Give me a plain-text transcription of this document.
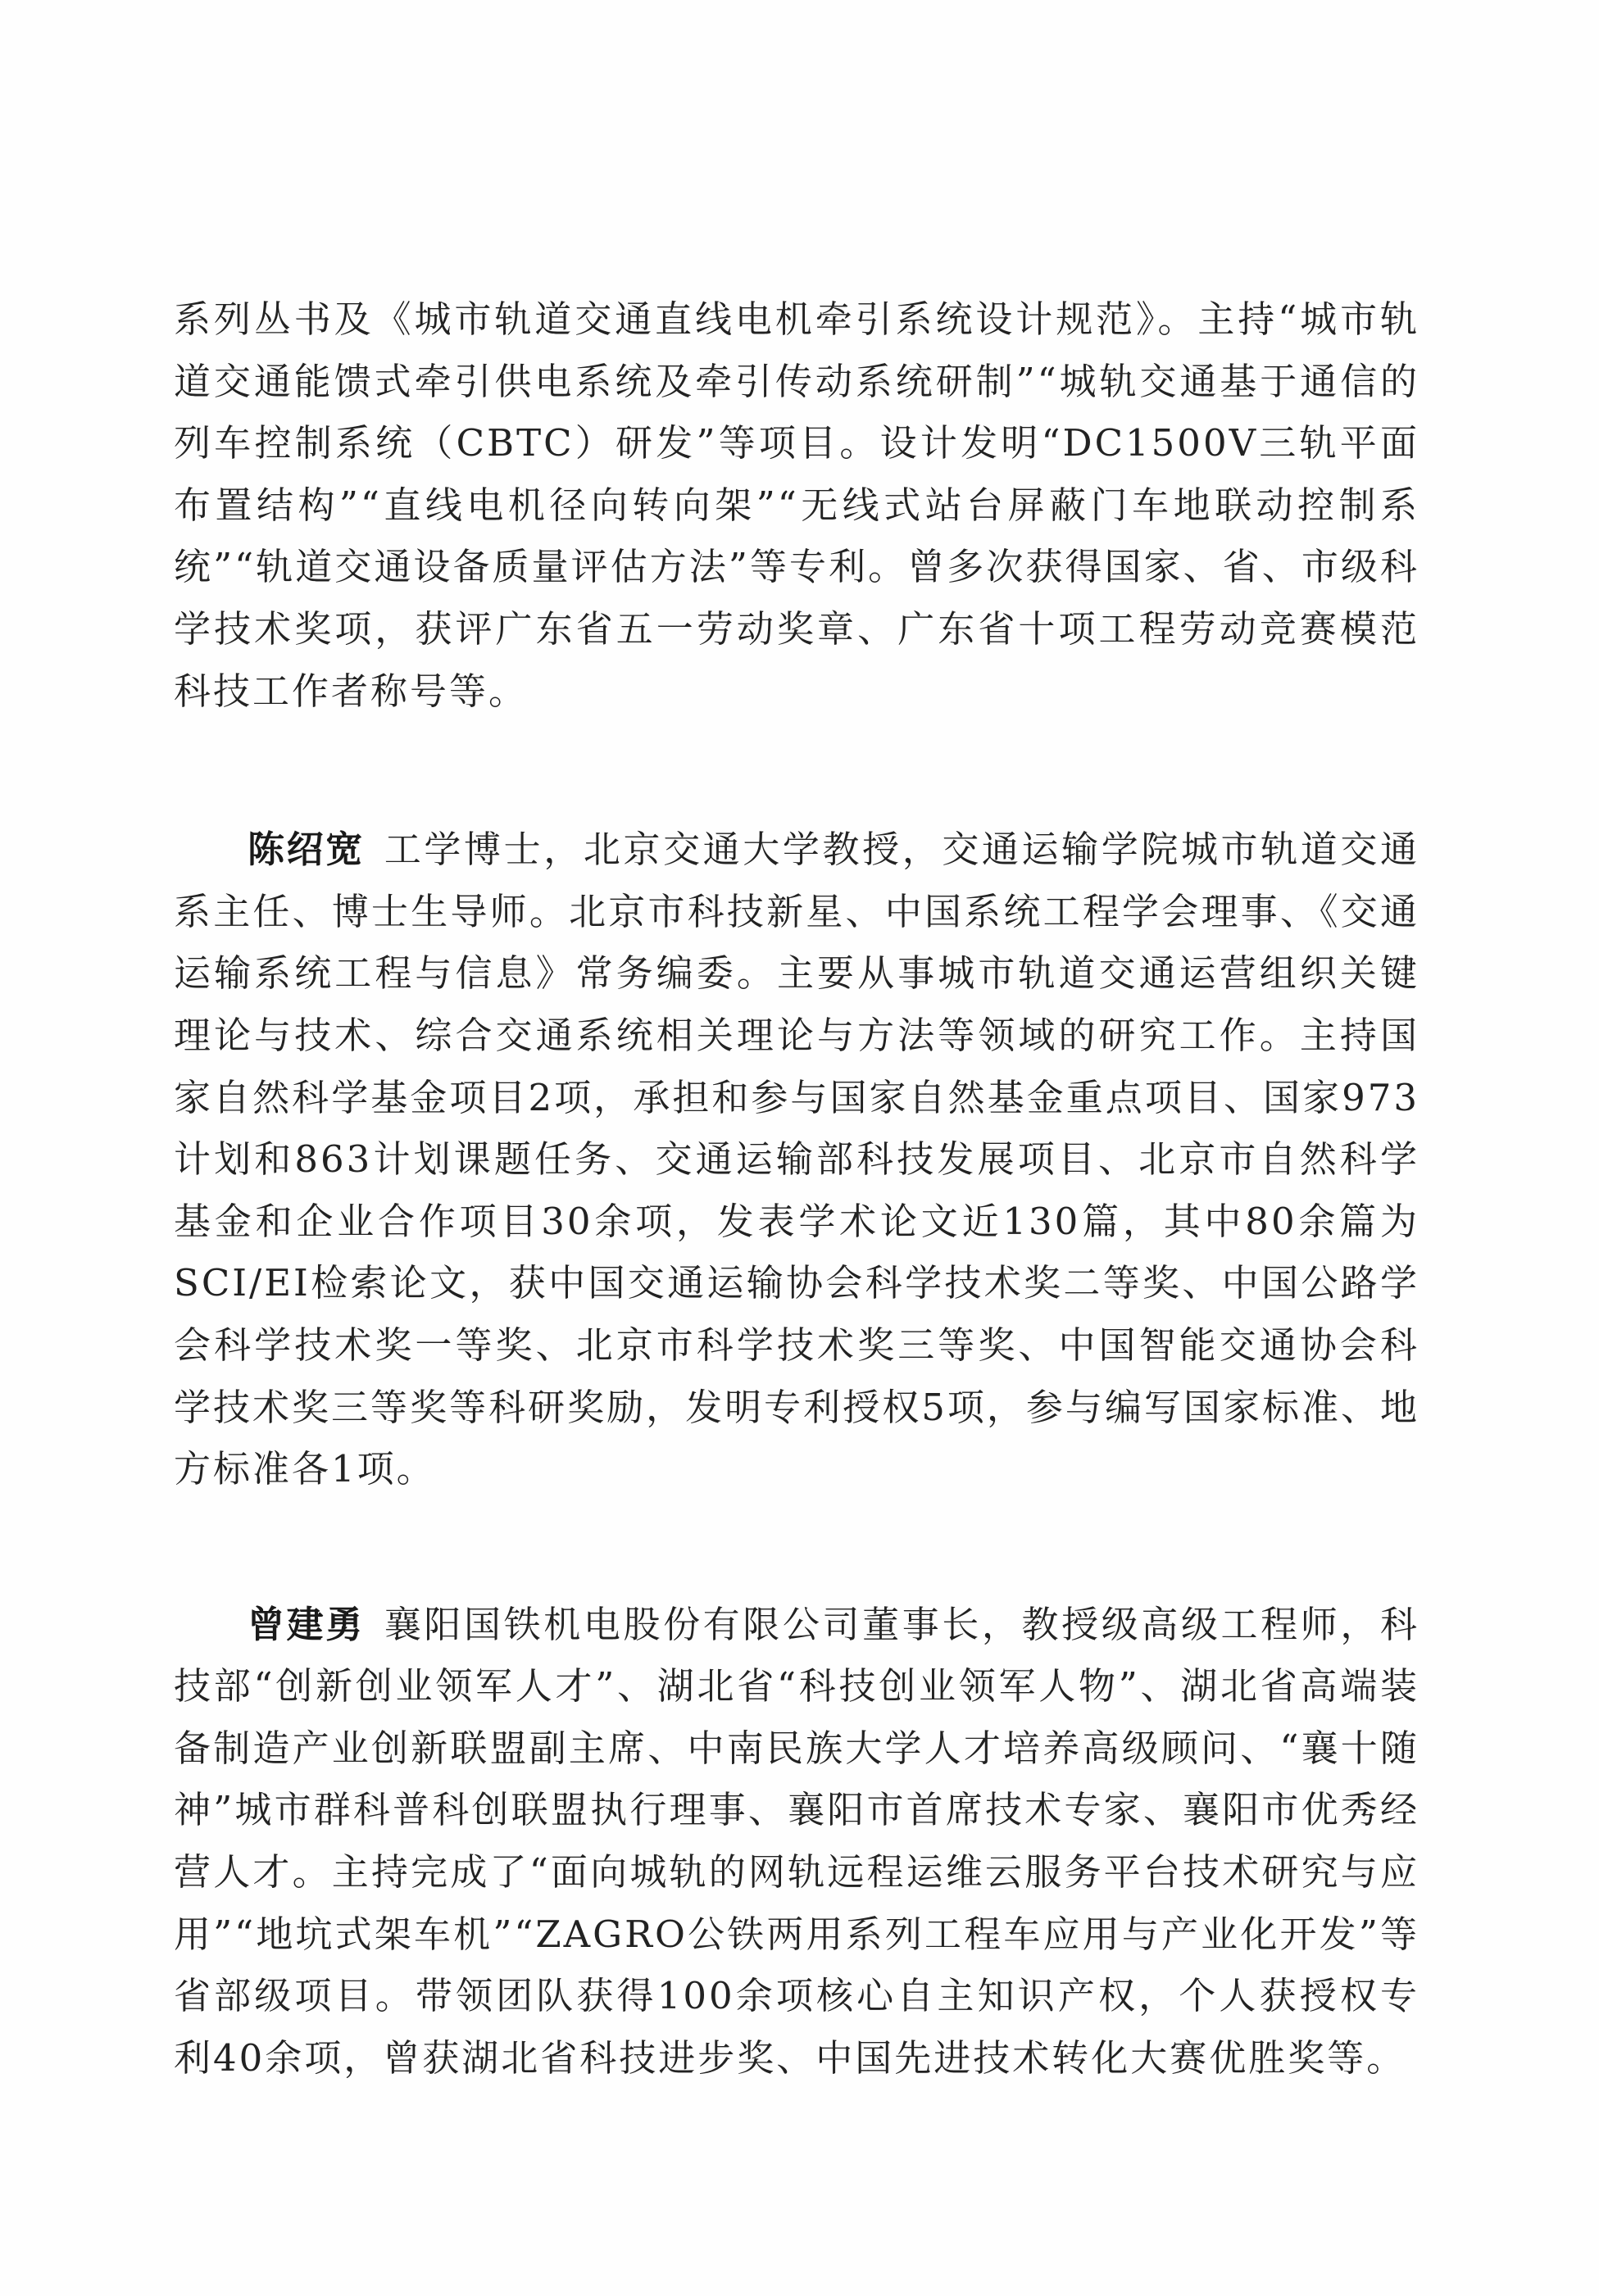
系列丛书及《城市轨道交通直线电机牵引系统设计规范》。主持“城市轨道交通能馈式牵引供电系统及牵引传动系统研制”“城轨交通基于通信的列车控制系统（CBTC）研发”等项目。设计发明“DC1500V三轨平面布置结构”“直线电机径向转向架”“无线式站台屏蔽门车地联动控制系统”“轨道交通设备质量评估方法”等专利。曾多次获得国家、省、市级科学技术奖项，获评广东省五一劳动奖章、广东省十项工程劳动竞赛模范科技工作者称号等。

陈绍宽 工学博士，北京交通大学教授，交通运输学院城市轨道交通系主任、博士生导师。北京市科技新星、中国系统工程学会理事、《交通运输系统工程与信息》常务编委。主要从事城市轨道交通运营组织关键理论与技术、综合交通系统相关理论与方法等领域的研究工作。主持国家自然科学基金项目2项，承担和参与国家自然基金重点项目、国家973计划和863计划课题任务、交通运输部科技发展项目、北京市自然科学基金和企业合作项目30余项，发表学术论文近130篇，其中80余篇为SCI/EI检索论文，获中国交通运输协会科学技术奖二等奖、中国公路学会科学技术奖一等奖、北京市科学技术奖三等奖、中国智能交通协会科学技术奖三等奖等科研奖励，发明专利授权5项，参与编写国家标准、地方标准各1项。

曾建勇 襄阳国铁机电股份有限公司董事长，教授级高级工程师，科技部“创新创业领军人才”、湖北省“科技创业领军人物”、湖北省高端装备制造产业创新联盟副主席、中南民族大学人才培养高级顾问、“襄十随神”城市群科普科创联盟执行理事、襄阳市首席技术专家、襄阳市优秀经营人才。主持完成了“面向城轨的网轨远程运维云服务平台技术研究与应用”“地坑式架车机”“ZAGRO公铁两用系列工程车应用与产业化开发”等省部级项目。带领团队获得100余项核心自主知识产权，个人获授权专利40余项，曾获湖北省科技进步奖、中国先进技术转化大赛优胜奖等。
